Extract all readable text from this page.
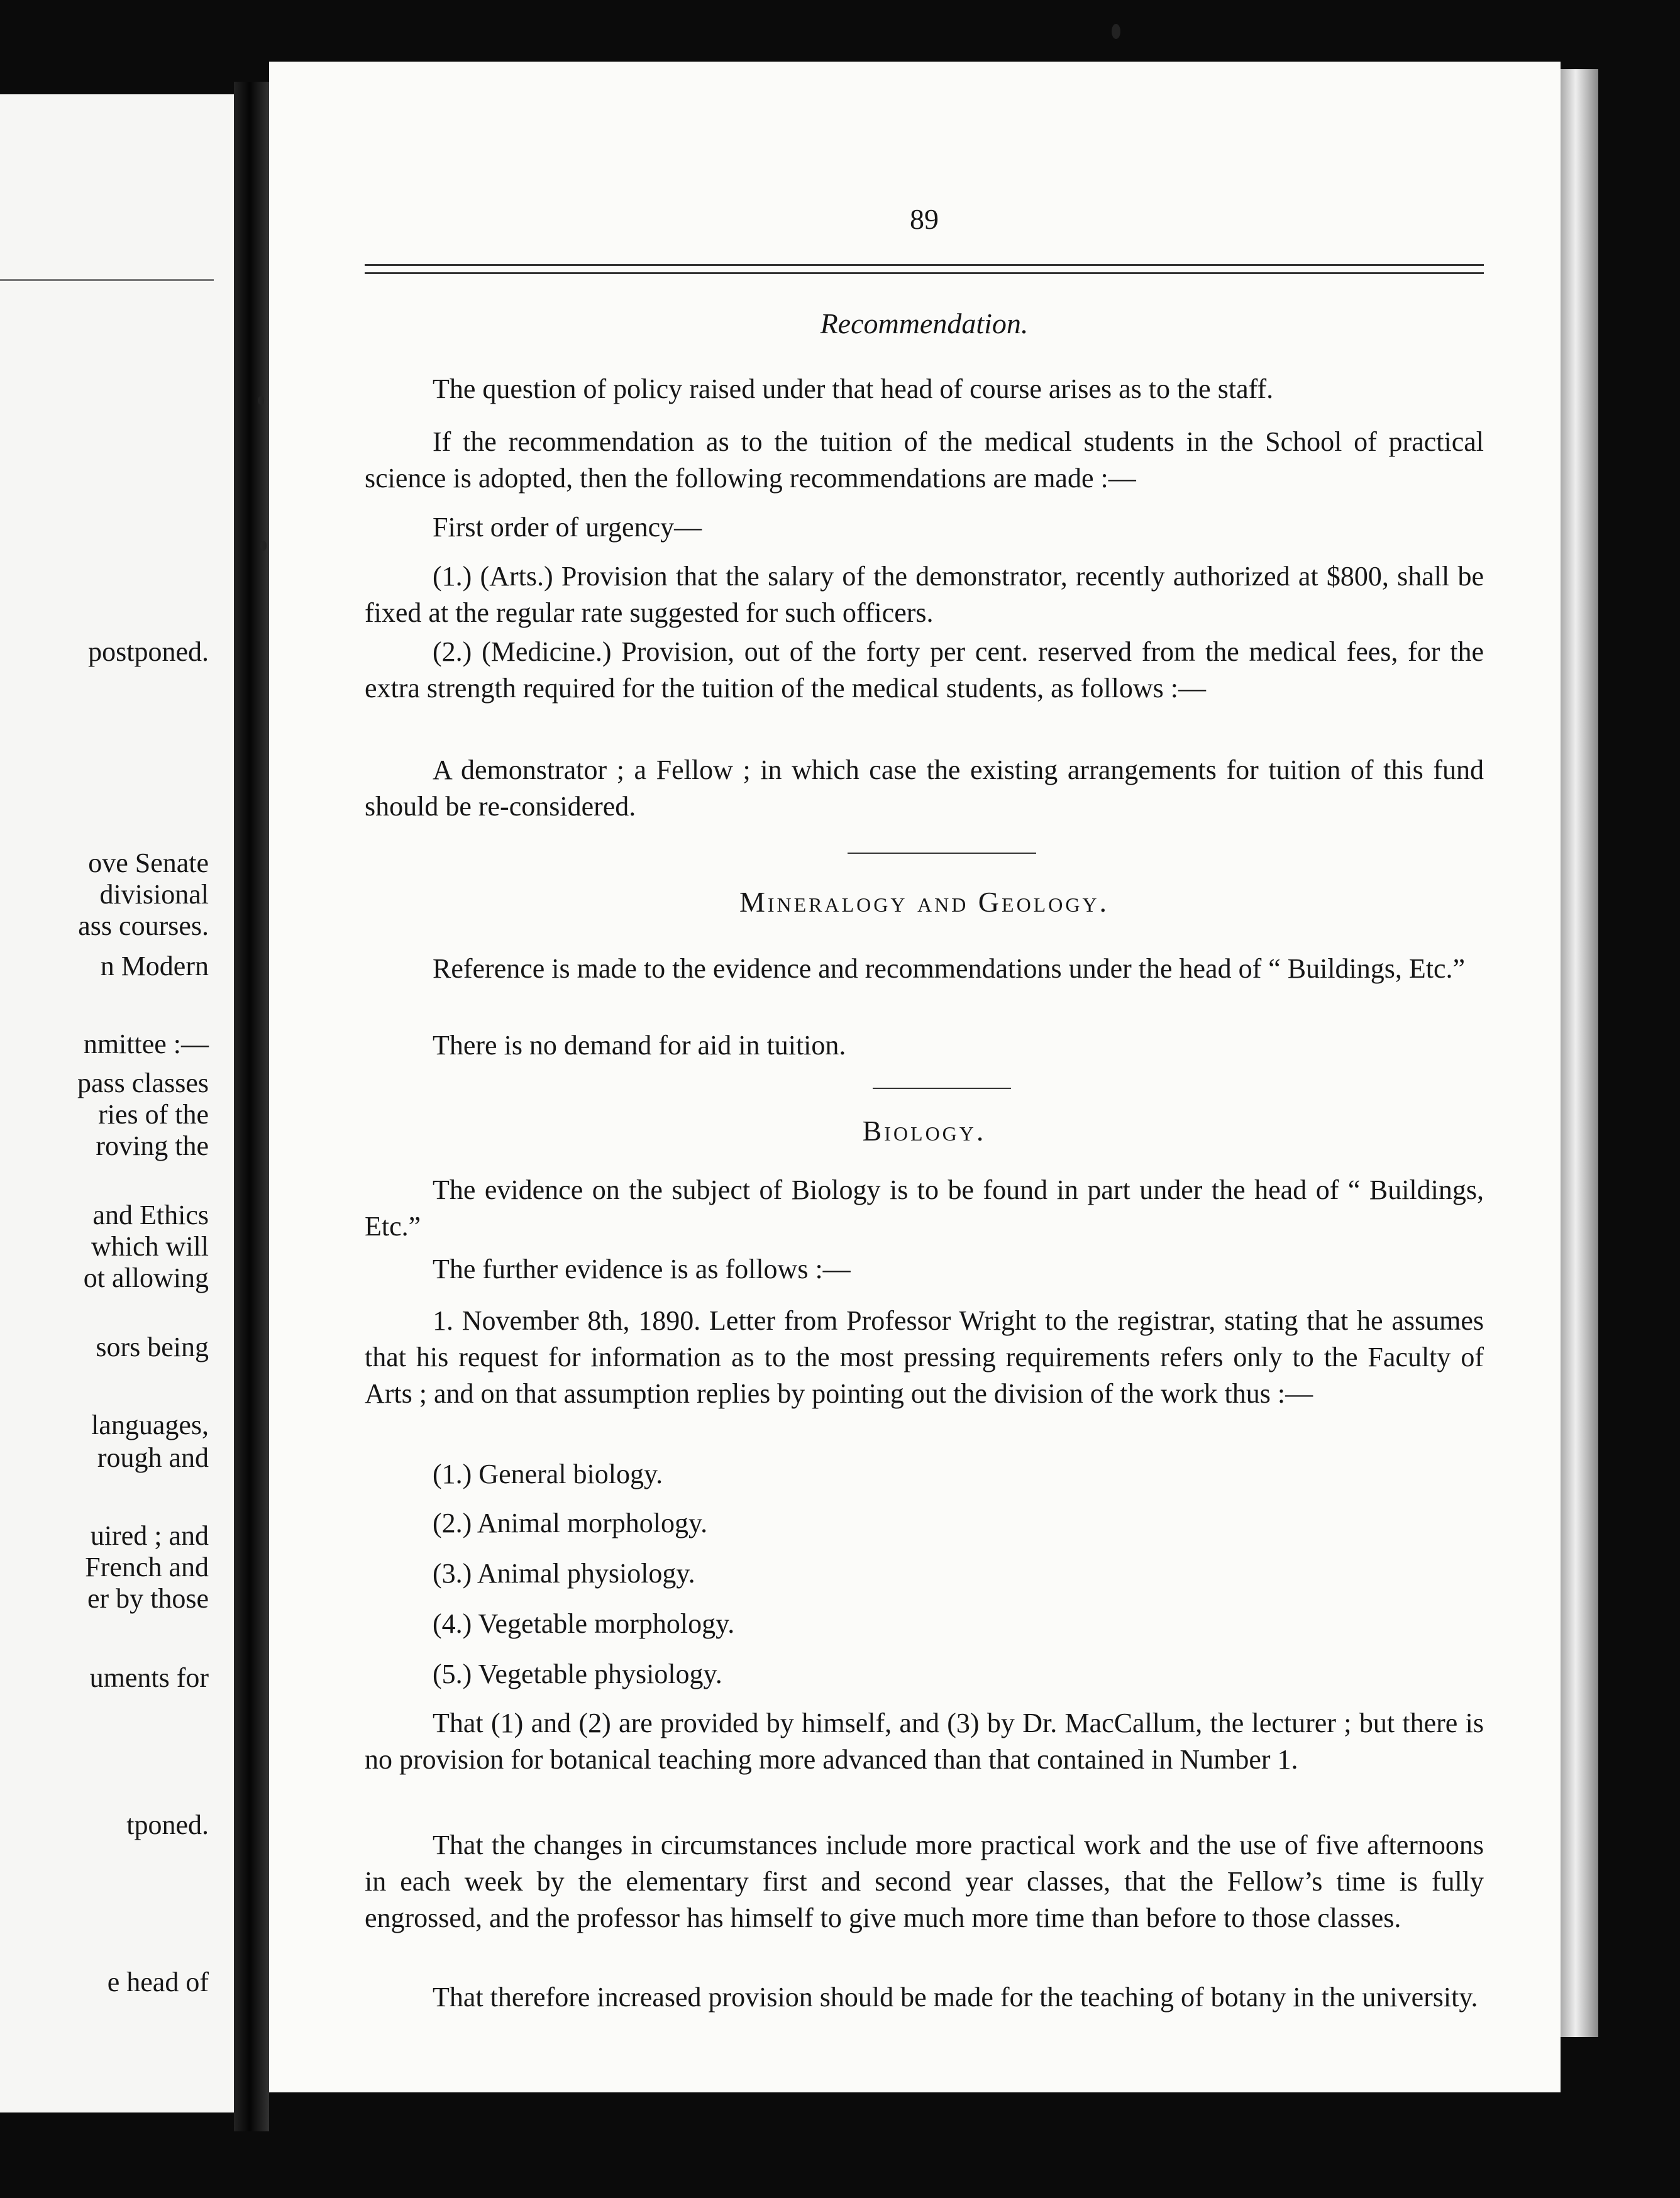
postponed.
ove Senate
divisional
ass courses.
n Modern
nmittee :—
pass classes
ries of the
roving the
and Ethics
which will
ot allowing
sors being
languages,
rough and
uired ; and
French and
er by those
uments for
tponed.
e head of
89
Recommendation.

The question of policy raised under that head of course arises as to the staff.

If the recommendation as to the tuition of the medical students in the School of practical science is adopted, then the following recommendations are made :—

First order of urgency—

(1.) (Arts.) Provision that the salary of the demonstrator, recently authorized at $800, shall be fixed at the regular rate suggested for such officers.

(2.) (Medicine.) Provision, out of the forty per cent. reserved from the medical fees, for the extra strength required for the tuition of the medical students, as follows :—

A demonstrator ; a Fellow ; in which case the existing arrangements for tuition of this fund should be re-considered.

Mineralogy and Geology.

Reference is made to the evidence and recommendations under the head of “ Buildings, Etc.”

There is no demand for aid in tuition.

Biology.

The evidence on the subject of Biology is to be found in part under the head of “ Buildings, Etc.”

The further evidence is as follows :—

1. November 8th, 1890. Letter from Professor Wright to the registrar, stating that he assumes that his request for information as to the most pressing requirements refers only to the Faculty of Arts ; and on that assumption replies by pointing out the division of the work thus :—

(1.) General biology.
(2.) Animal morphology.
(3.) Animal physiology.
(4.) Vegetable morphology.
(5.) Vegetable physiology.

That (1) and (2) are provided by himself, and (3) by Dr. MacCallum, the lecturer ; but there is no provision for botanical teaching more advanced than that contained in Number 1.

That the changes in circumstances include more practical work and the use of five afternoons in each week by the elementary first and second year classes, that the Fellow’s time is fully engrossed, and the professor has himself to give much more time than before to those classes.

That therefore increased provision should be made for the teaching of botany in the university.
